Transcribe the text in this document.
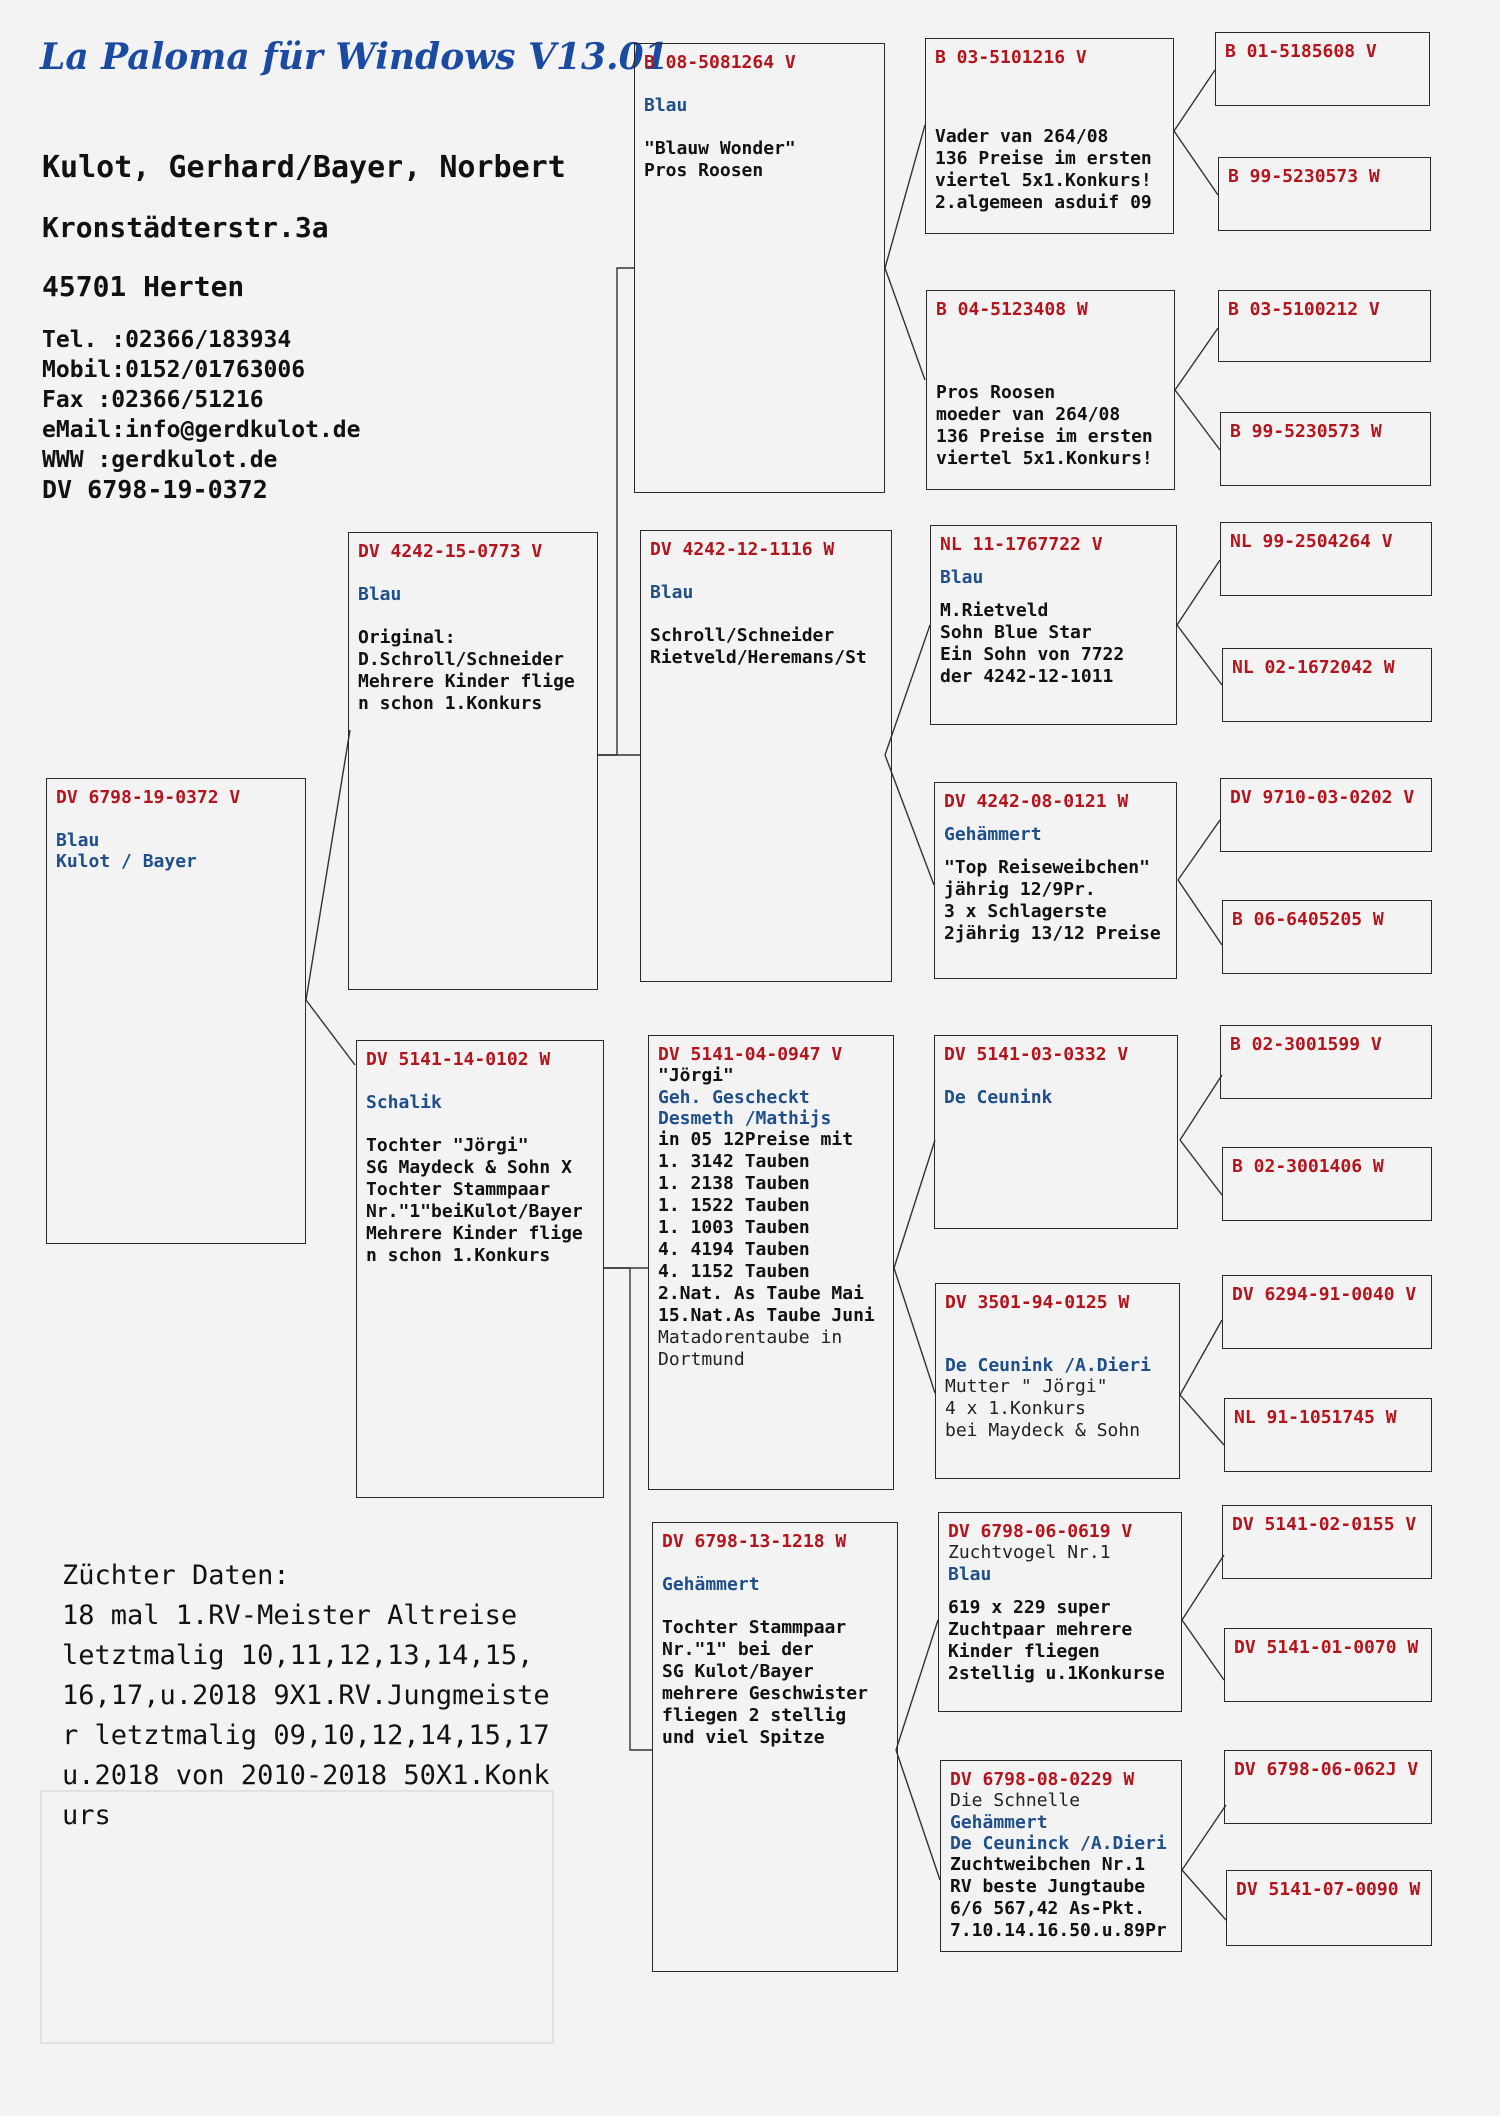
La Paloma für Windows V13.01
Kulot, Gerhard/Bayer, Norbert
Kronstädterstr.3a
45701 Herten
Tel. :02366/183934
Mobil:0152/01763006
Fax :02366/51216
eMail:info@gerdkulot.de
WWW :gerdkulot.de
DV 6798-19-0372
DV 6798-19-0372 V
Blau
Kulot / Bayer
DV 4242-15-0773 V
Blau
Original:
D.Schroll/Schneider
Mehrere Kinder flige
n schon 1.Konkurs
DV 5141-14-0102 W
Schalik
Tochter "Jörgi"
SG Maydeck & Sohn X
Tochter Stammpaar
Nr."1"beiKulot/Bayer
Mehrere Kinder flige
n schon 1.Konkurs
B 08-5081264 V
Blau
"Blauw Wonder"
Pros Roosen
DV 4242-12-1116 W
Blau
Schroll/Schneider
Rietveld/Heremans/St
DV 5141-04-0947 V
"Jörgi"
Geh. Gescheckt
Desmeth /Mathijs
in 05 12Preise mit
1. 3142 Tauben
1. 2138 Tauben
1. 1522 Tauben
1. 1003 Tauben
4. 4194 Tauben
4. 1152 Tauben
2.Nat. As Taube Mai
15.Nat.As Taube Juni
Matadorentaube in
Dortmund
DV 6798-13-1218 W
Gehämmert
Tochter Stammpaar
Nr."1" bei der
SG Kulot/Bayer
mehrere Geschwister
fliegen 2 stellig
und viel Spitze
B 03-5101216 V
Vader van 264/08
136 Preise im ersten
viertel 5x1.Konkurs!
2.algemeen asduif 09
B 04-5123408 W
Pros Roosen
moeder van 264/08
136 Preise im ersten
viertel 5x1.Konkurs!
NL 11-1767722 V
Blau
M.Rietveld
Sohn Blue Star
Ein Sohn von 7722
der 4242-12-1011
DV 4242-08-0121 W
Gehämmert
"Top Reiseweibchen"
jährig 12/9Pr.
3 x Schlagerste
2jährig 13/12 Preise
DV 5141-03-0332 V
De Ceunink
DV 3501-94-0125 W
De Ceunink /A.Dieri
Mutter " Jörgi"
4 x 1.Konkurs
bei Maydeck & Sohn
DV 6798-06-0619 V
Zuchtvogel Nr.1
Blau
619 x 229 super
Zuchtpaar mehrere
Kinder fliegen
2stellig u.1Konkurse
DV 6798-08-0229 W
Die Schnelle
Gehämmert
De Ceuninck /A.Dieri
Zuchtweibchen Nr.1
RV beste Jungtaube
6/6 567,42 As-Pkt.
7.10.14.16.50.u.89Pr
B 01-5185608 V
B 99-5230573 W
B 03-5100212 V
B 99-5230573 W
NL 99-2504264 V
NL 02-1672042 W
DV 9710-03-0202 V
B 06-6405205 W
B 02-3001599 V
B 02-3001406 W
DV 6294-91-0040 V
NL 91-1051745 W
DV 5141-02-0155 V
DV 5141-01-0070 W
DV 6798-06-062J V
DV 5141-07-0090 W
Züchter Daten:
18 mal 1.RV-Meister Altreise
letztmalig 10,11,12,13,14,15,
16,17,u.2018 9X1.RV.Jungmeiste
r letztmalig 09,10,12,14,15,17
u.2018 von 2010-2018 50X1.Konk
urs
